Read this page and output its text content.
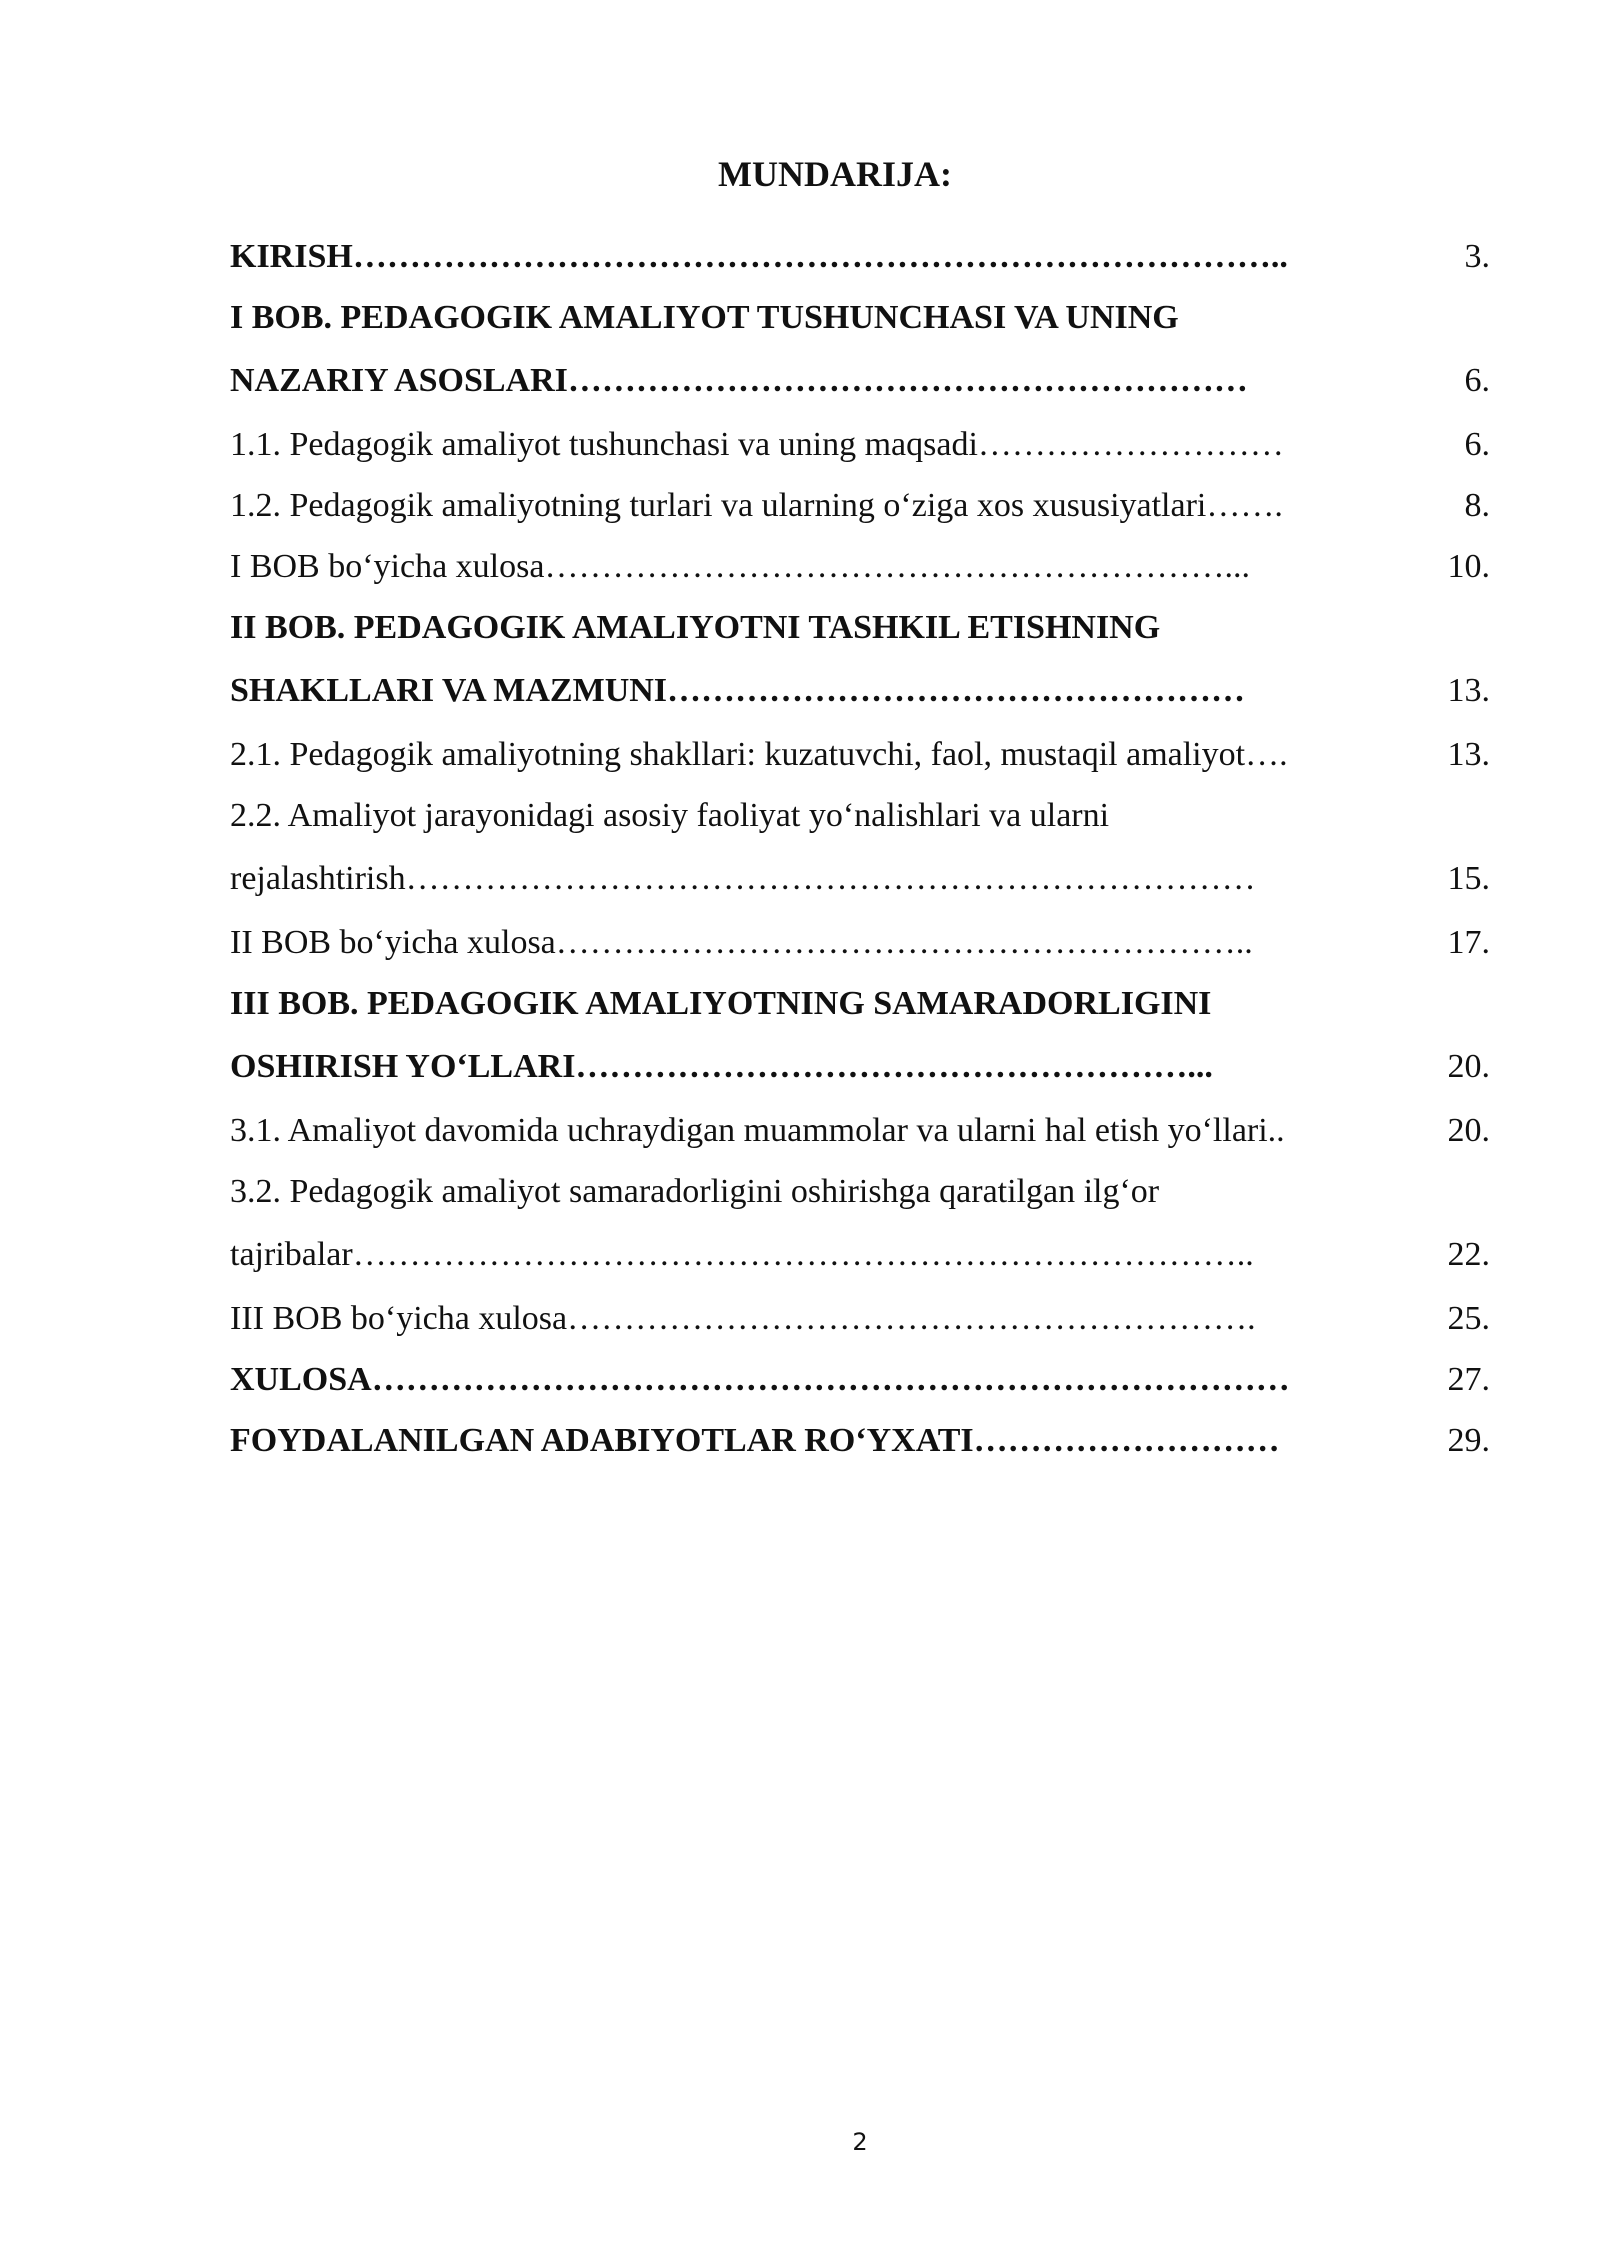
MUNDARIJA:
KIRISH………………………………………………………………………..	3.
I BOB. PEDAGOGIK AMALIYOT TUSHUNCHASI VA UNING
NAZARIY ASOSLARI……………………………………………………	6.
1.1. Pedagogik amaliyot tushunchasi va uning maqsadi………………………	6.
1.2. Pedagogik amaliyotning turlari va ularning o‘ziga xos xususiyatlari…….	8.
I BOB bo‘yicha xulosa……………………………………………………...	10.
II BOB. PEDAGOGIK AMALIYOTNI TASHKIL ETISHNING
SHAKLLARI VA MAZMUNI……………………………………………	13.
2.1. Pedagogik amaliyotning shakllari: kuzatuvchi, faol, mustaqil amaliyot….	13.
2.2. Amaliyot jarayonidagi asosiy faoliyat yo‘nalishlari va ularni
rejalashtirish…………………………………………………………………	15.
II BOB bo‘yicha xulosa……………………………………………………..	17.
III BOB. PEDAGOGIK AMALIYOTNING SAMARADORLIGINI
OSHIRISH YO‘LLARI………………………………………………...	20.
3.1. Amaliyot davomida uchraydigan muammolar va ularni hal etish yo‘llari..	20.
3.2. Pedagogik amaliyot samaradorligini oshirishga qaratilgan ilg‘or
tajribalar……………………………………………………………………..	22.
III BOB bo‘yicha xulosa…………………………………………………….	25.
XULOSA………………………………………………………………………	27.
FOYDALANILGAN ADABIYOTLAR RO‘YXATI………………………	29.
2
